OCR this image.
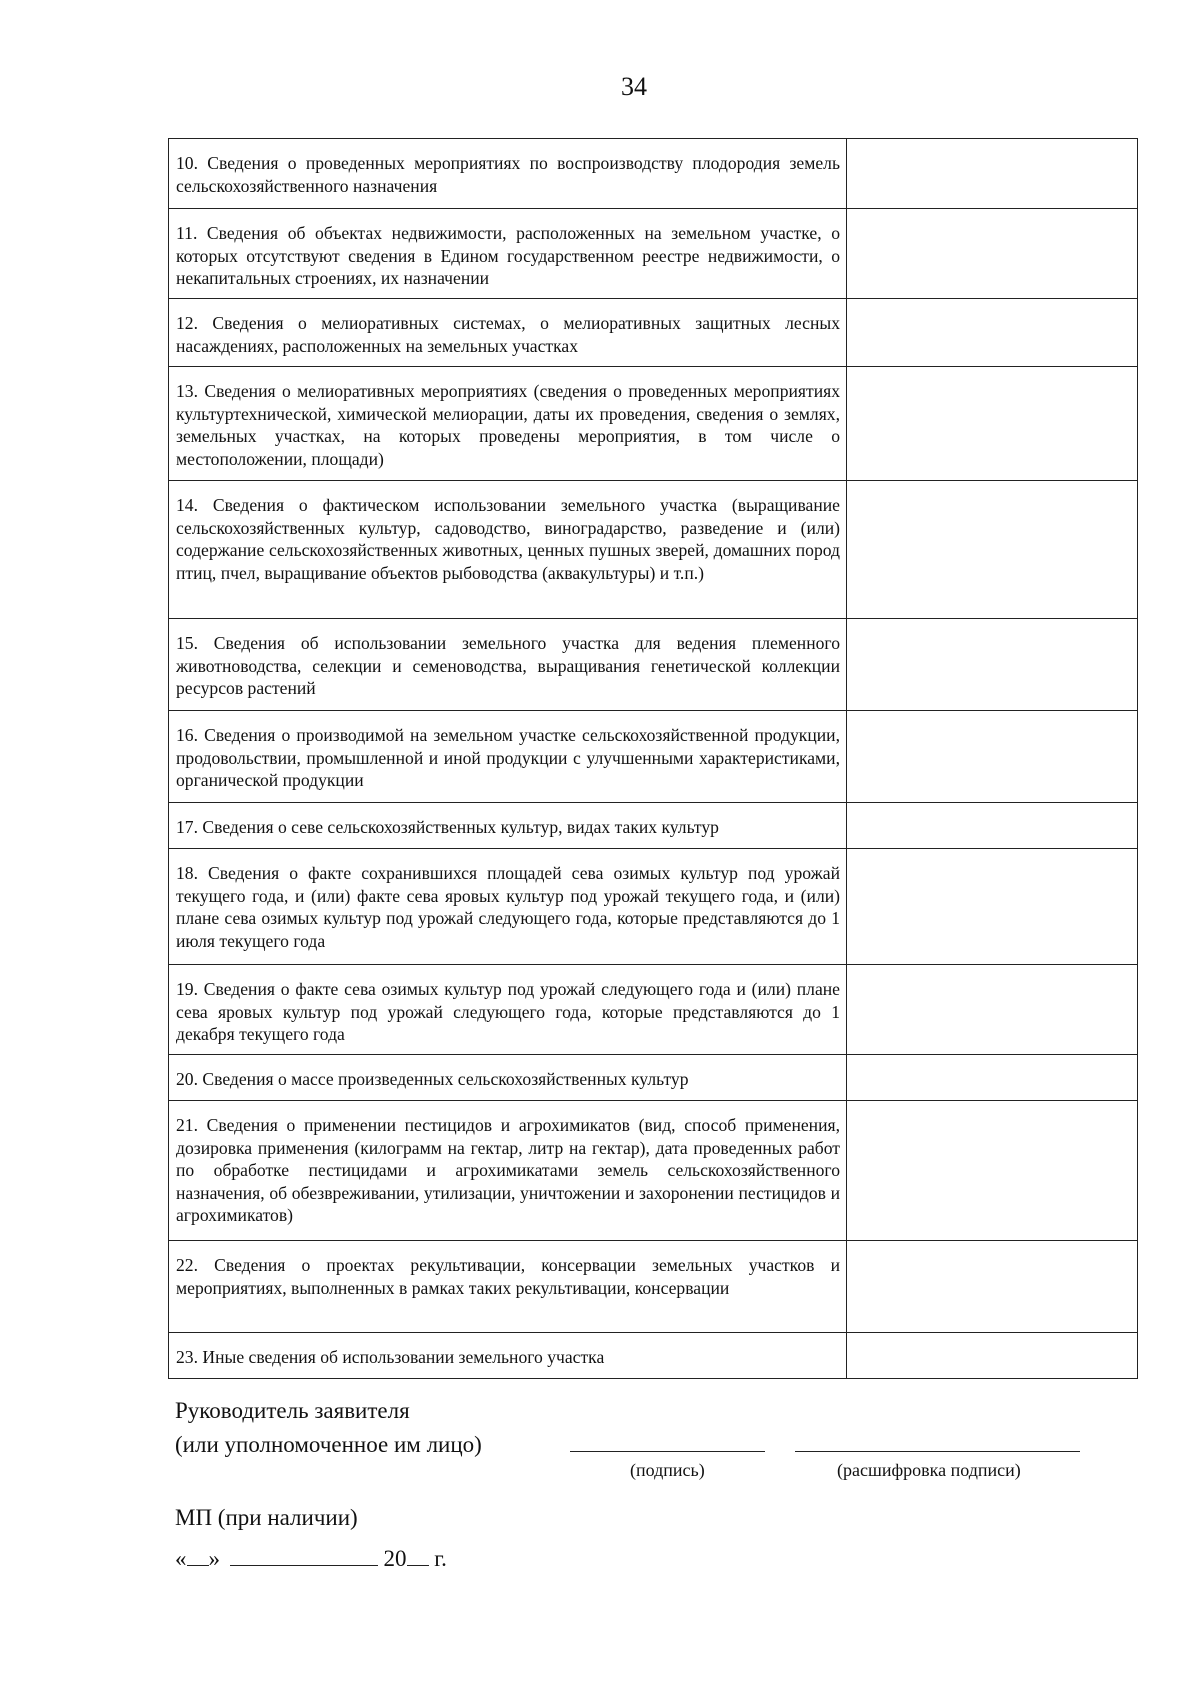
34
10. Сведения о проведенных мероприятиях по воспроизводству плодородия земель сельскохозяйственного назначения	
11. Сведения об объектах недвижимости, расположенных на земельном участке, о которых отсутствуют сведения в Едином государственном реестре недвижимости, о некапитальных строениях, их назначении	
12. Сведения о мелиоративных системах, о мелиоративных защитных лесных насаждениях, расположенных на земельных участках	
13. Сведения о мелиоративных мероприятиях (сведения о проведенных мероприятиях культуртехнической, химической мелиорации, даты их проведения, сведения о землях, земельных участках, на которых проведены мероприятия, в том числе о местоположении, площади)	
14. Сведения о фактическом использовании земельного участка (выращивание сельскохозяйственных культур, садоводство, виноградарство, разведение и (или) содержание сельскохозяйственных животных, ценных пушных зверей, домашних пород птиц, пчел, выращивание объектов рыбоводства (аквакультуры) и т.п.)	
15. Сведения об использовании земельного участка для ведения племенного животноводства, селекции и семеноводства, выращивания генетической коллекции ресурсов растений	
16. Сведения о производимой на земельном участке сельскохозяйственной продукции, продовольствии, промышленной и иной продукции с улучшенными характеристиками, органической продукции	
17. Сведения о севе сельскохозяйственных культур, видах таких культур	
18. Сведения о факте сохранившихся площадей сева озимых культур под урожай текущего года, и (или) факте сева яровых культур под урожай текущего года, и (или) плане сева озимых культур под урожай следующего года, которые представляются до 1 июля текущего года	
19. Сведения о факте сева озимых культур под урожай следующего года и (или) плане сева яровых культур под урожай следующего года, которые представляются до 1 декабря текущего года	
20. Сведения о массе произведенных сельскохозяйственных культур	
21. Сведения о применении пестицидов и агрохимикатов (вид, способ применения, дозировка применения (килограмм на гектар, литр на гектар), дата проведенных работ по обработке пестицидами и агрохимикатами земель сельскохозяйственного назначения, об обезвреживании, утилизации, уничтожении и захоронении пестицидов и агрохимикатов)	
22. Сведения о проектах рекультивации, консервации земельных участков и мероприятиях, выполненных в рамках таких рекультивации, консервации	
23. Иные сведения об использовании земельного участка	
Руководитель заявителя
(или уполномоченное им лицо)
(подпись)	(расшифровка подписи)
МП (при наличии)
« »	20 г.
